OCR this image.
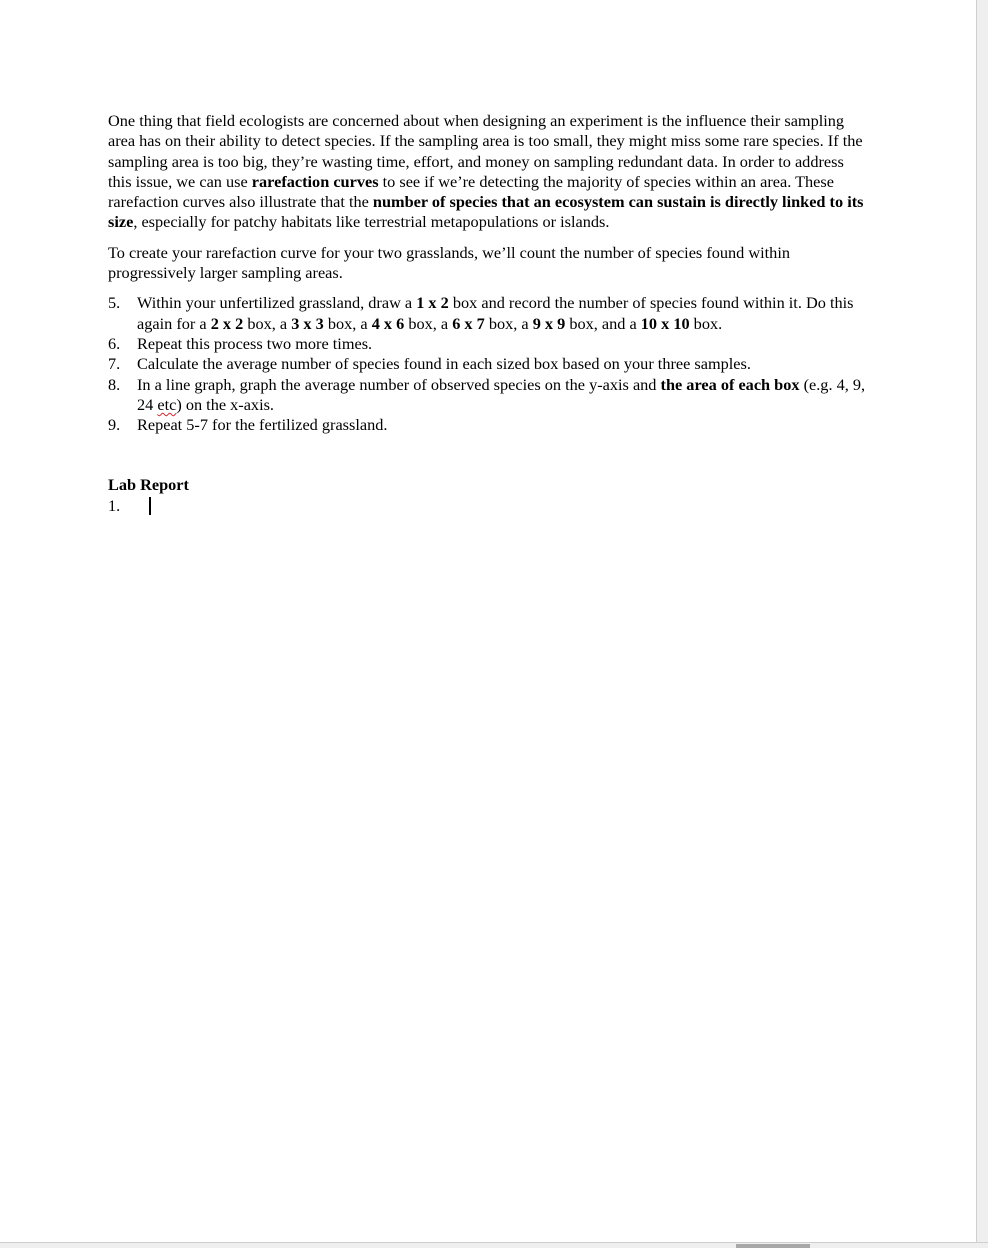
One thing that field ecologists are concerned about when designing an experiment is the influence their sampling area has on their ability to detect species. If the sampling area is too small, they might miss some rare species. If the sampling area is too big, they’re wasting time, effort, and money on sampling redundant data. In order to address this issue, we can use rarefaction curves to see if we’re detecting the majority of species within an area. These rarefaction curves also illustrate that the number of species that an ecosystem can sustain is directly linked to its size, especially for patchy habitats like terrestrial metapopulations or islands.

To create your rarefaction curve for your two grasslands, we’ll count the number of species found within progressively larger sampling areas.

5.	Within your unfertilized grassland, draw a 1 x 2 box and record the number of species found within it. Do this again for a 2 x 2 box, a 3 x 3 box, a 4 x 6 box, a 6 x 7 box, a 9 x 9 box, and a 10 x 10 box.
6.	Repeat this process two more times.
7.	Calculate the average number of species found in each sized box based on your three samples.
8.	In a line graph, graph the average number of observed species on the y-axis and the area of each box (e.g. 4, 9, 24 etc) on the x-axis.
9.	Repeat 5-7 for the fertilized grassland.

Lab Report

1.
